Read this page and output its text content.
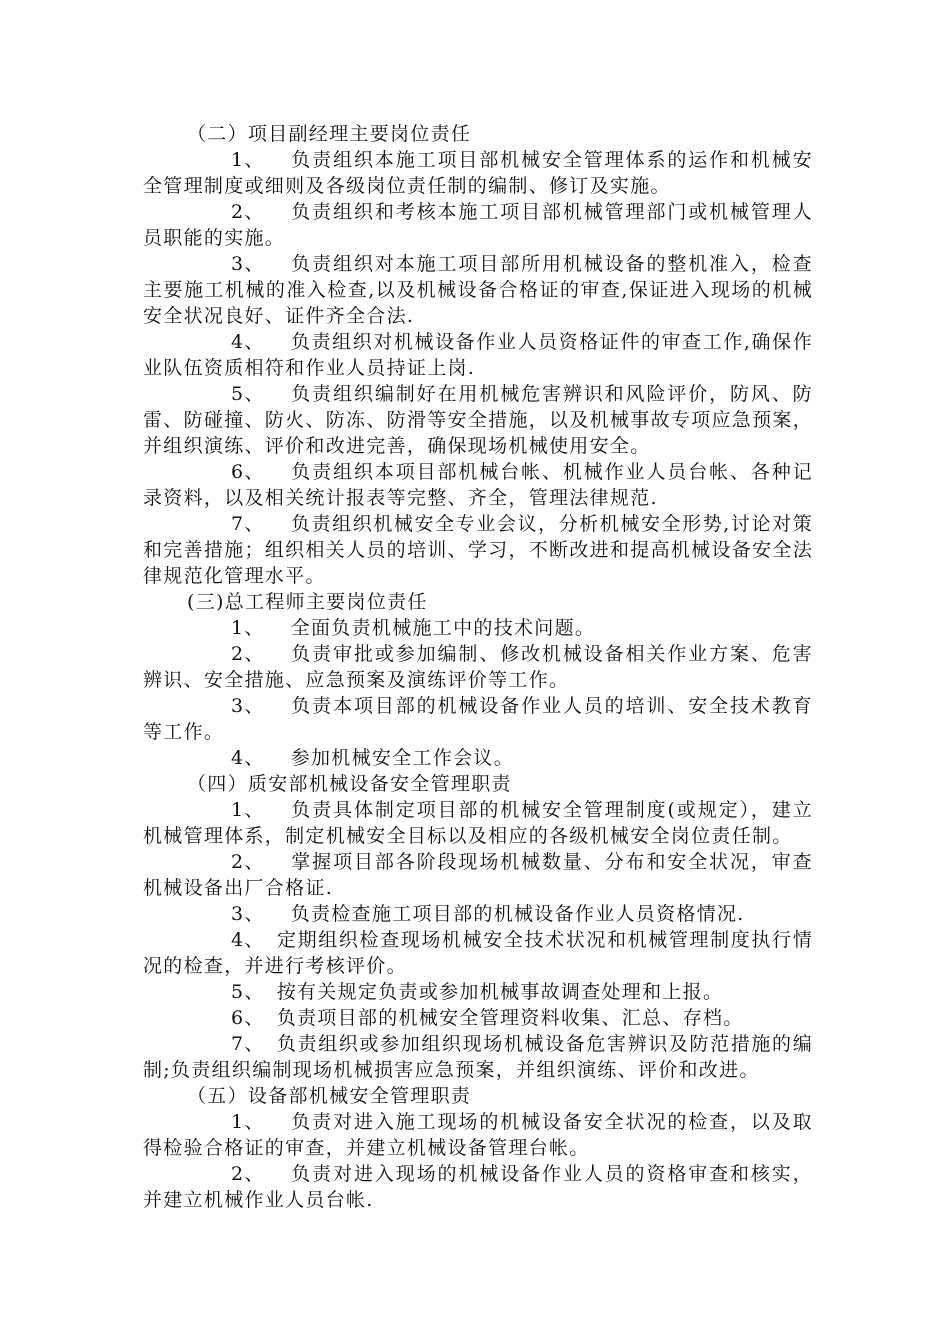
（二）项目副经理主要岗位责任

1、 负责组织本施工项目部机械安全管理体系的运作和机械安全管理制度或细则及各级岗位责任制的编制、修订及实施。

2、 负责组织和考核本施工项目部机械管理部门或机械管理人员职能的实施。

3、 负责组织对本施工项目部所用机械设备的整机准入，检查主要施工机械的准入检查,以及机械设备合格证的审查,保证进入现场的机械安全状况良好、证件齐全合法.

4、 负责组织对机械设备作业人员资格证件的审查工作,确保作业队伍资质相符和作业人员持证上岗.

5、 负责组织编制好在用机械危害辨识和风险评价，防风、防雷、防碰撞、防火、防冻、防滑等安全措施，以及机械事故专项应急预案，并组织演练、评价和改进完善，确保现场机械使用安全。

6、 负责组织本项目部机械台帐、机械作业人员台帐、各种记录资料，以及相关统计报表等完整、齐全，管理法律规范.

7、 负责组织机械安全专业会议，分析机械安全形势,讨论对策和完善措施；组织相关人员的培训、学习，不断改进和提高机械设备安全法律规范化管理水平。

(三)总工程师主要岗位责任

1、 全面负责机械施工中的技术问题。

2、 负责审批或参加编制、修改机械设备相关作业方案、危害辨识、安全措施、应急预案及演练评价等工作。

3、 负责本项目部的机械设备作业人员的培训、安全技术教育等工作。

4、 参加机械安全工作会议。

（四）质安部机械设备安全管理职责

1、 负责具体制定项目部的机械安全管理制度(或规定），建立机械管理体系，制定机械安全目标以及相应的各级机械安全岗位责任制。

2、 掌握项目部各阶段现场机械数量、分布和安全状况，审查机械设备出厂合格证.

3、 负责检查施工项目部的机械设备作业人员资格情况.

4、 定期组织检查现场机械安全技术状况和机械管理制度执行情况的检查，并进行考核评价。

5、 按有关规定负责或参加机械事故调查处理和上报。

6、 负责项目部的机械安全管理资料收集、汇总、存档。

7、 负责组织或参加组织现场机械设备危害辨识及防范措施的编制;负责组织编制现场机械损害应急预案，并组织演练、评价和改进。

（五）设备部机械安全管理职责

1、 负责对进入施工现场的机械设备安全状况的检查，以及取得检验合格证的审查，并建立机械设备管理台帐。

2、 负责对进入现场的机械设备作业人员的资格审查和核实，并建立机械作业人员台帐.
